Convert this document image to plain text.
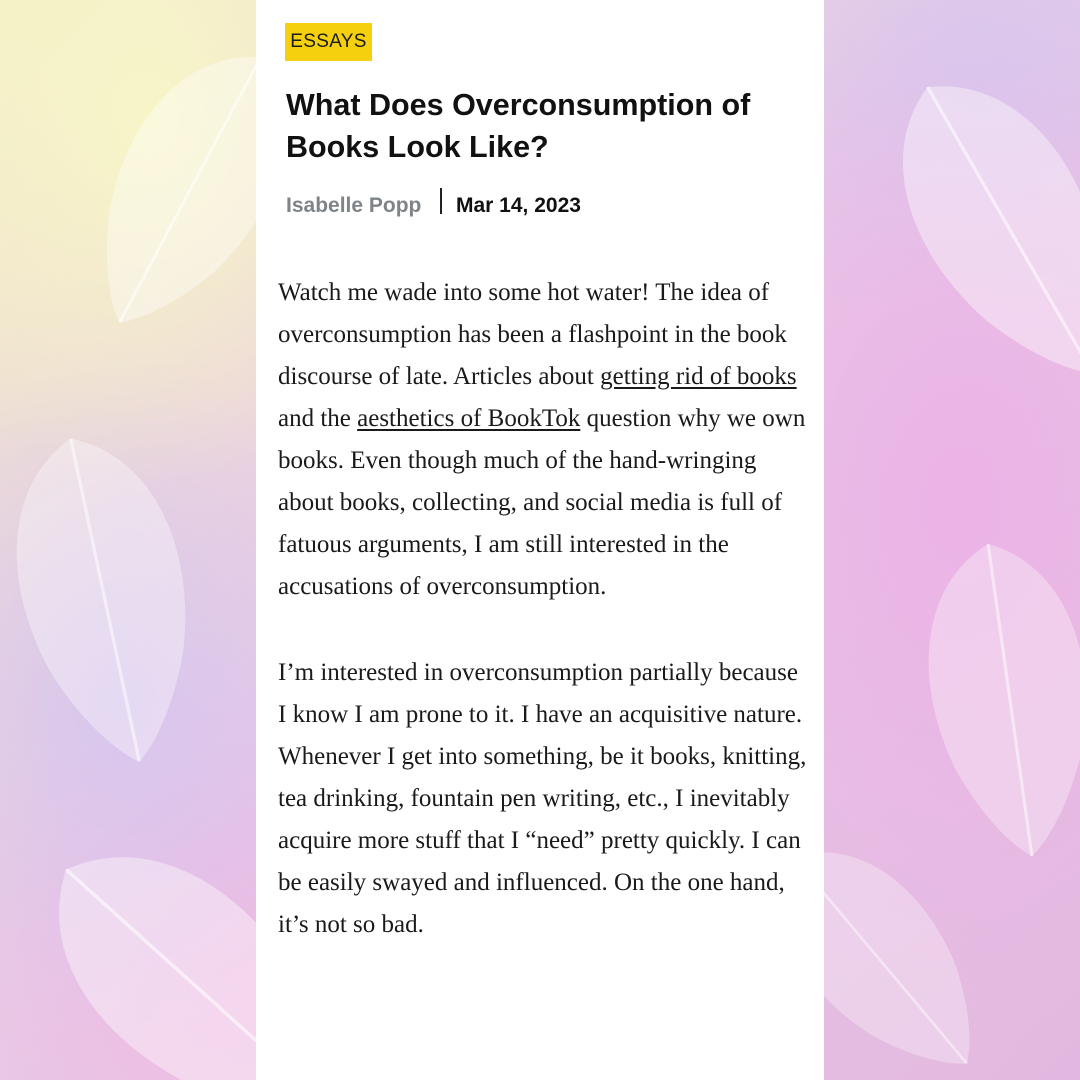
ESSAYS
What Does Overconsumption of Books Look Like?
Isabelle Popp Mar 14, 2023

Watch me wade into some hot water! The idea of overconsumption has been a flashpoint in the book discourse of late. Articles about getting rid of books and the aesthetics of BookTok question why we own books. Even though much of the hand-wringing about books, collecting, and social media is full of fatuous arguments, I am still interested in the accusations of overconsumption.

I’m interested in overconsumption partially because I know I am prone to it. I have an acquisitive nature. Whenever I get into something, be it books, knitting, tea drinking, fountain pen writing, etc., I inevitably acquire more stuff that I “need” pretty quickly. I can be easily swayed and influenced. On the one hand, it’s not so bad.
